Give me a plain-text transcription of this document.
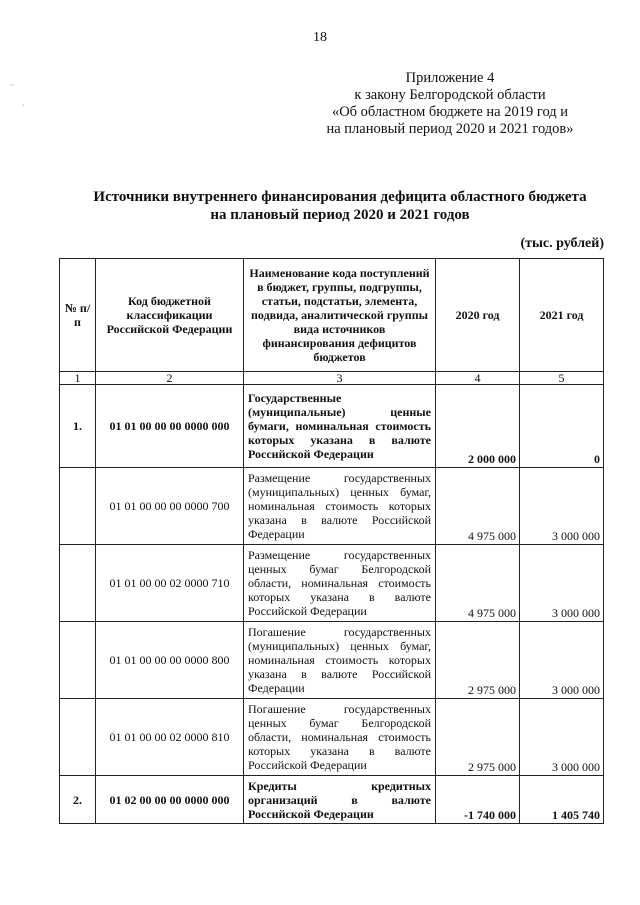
18
Приложение 4
к закону Белгородской области
«Об областном бюджете на 2019 год и
на плановый период 2020 и 2021 годов»
Источники внутреннего финансирования дефицита областного бюджета
на плановый период 2020 и 2021 годов
(тыс. рублей)
∙∙
∙
№ п/п	Код бюджетной классификации Российской Федерации	Наименование кода поступлений в бюджет, группы, подгруппы, статьи, подстатьи, элемента, подвида, аналитической группы вида источников финансирования дефицитов бюджетов	2020 год	2021 год
1	2	3	4	5
1.	01 01 00 00 00 0000 000	Государственные (муниципальные) ценные бумаги, номинальная стоимость которых указана в валюте Российской Федерации	2 000 000	0
	01 01 00 00 00 0000 700	Размещение государственных (муниципальных) ценных бумаг, номинальная стоимость которых указана в валюте Российской Федерации	4 975 000	3 000 000
	01 01 00 00 02 0000 710	Размещение государственных ценных бумаг Белгородской области, номинальная стоимость которых указана в валюте Российской Федерации	4 975 000	3 000 000
	01 01 00 00 00 0000 800	Погашение государственных (муниципальных) ценных бумаг, номинальная стоимость которых указана в валюте Российской Федерации	2 975 000	3 000 000
	01 01 00 00 02 0000 810	Погашение государственных ценных бумаг Белгородской области, номинальная стоимость которых указана в валюте Российской Федерации	2 975 000	3 000 000
2.	01 02 00 00 00 0000 000	Кредиты кредитных организаций в валюте Российской Федерации	-1 740 000	1 405 740
